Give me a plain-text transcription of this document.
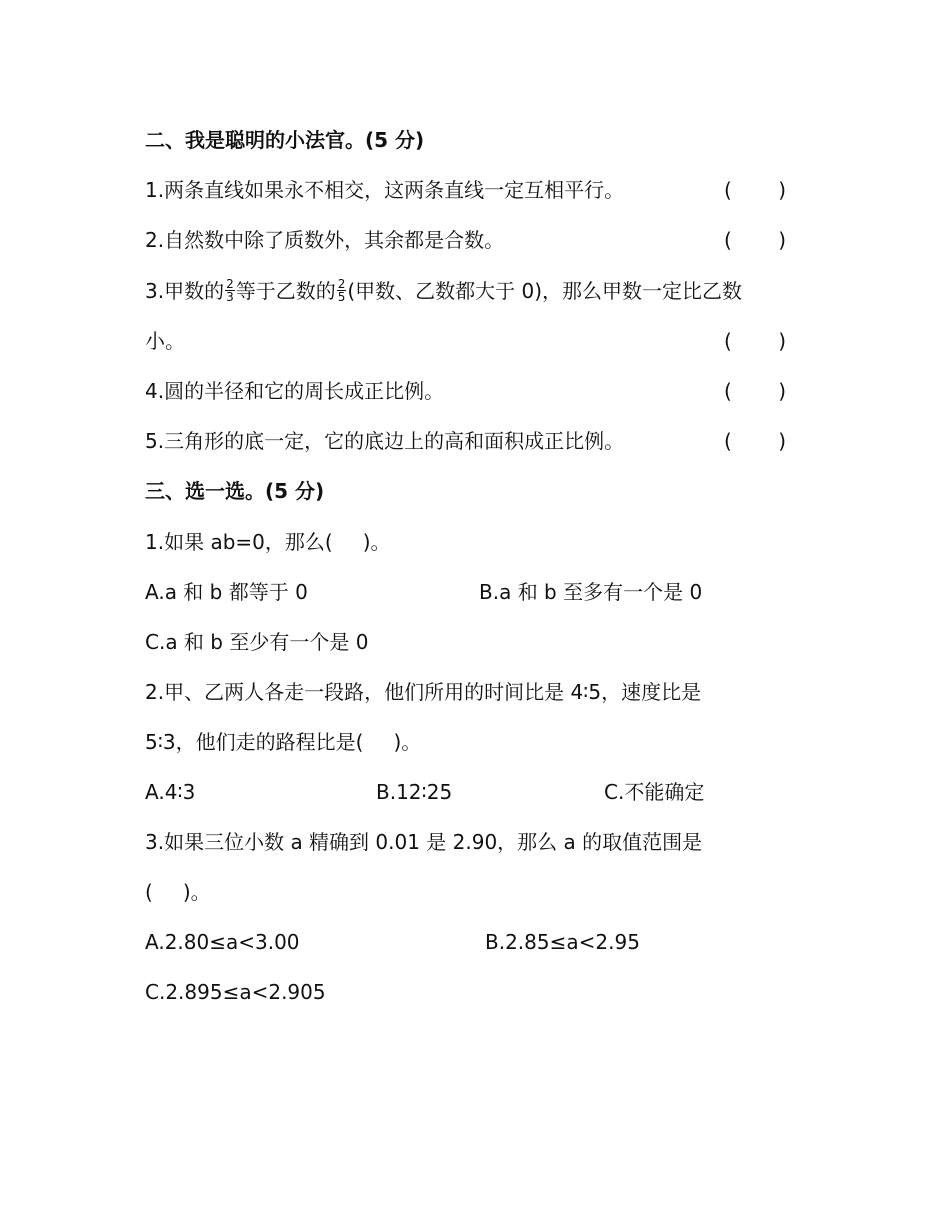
二、我是聪明的小法官。(5 分)
1.两条直线如果永不相交，这两条直线一定互相平行。	( )
2.自然数中除了质数外，其余都是合数。	( )
3.甲数的 $\frac{2}{3}$ 等于乙数的 $\frac{2}{5}$ (甲数、乙数都大于 0)，那么甲数一定比乙数
小。	( )
4.圆的半径和它的周长成正比例。	( )
5.三角形的底一定，它的底边上的高和面积成正比例。	( )
三、选一选。(5 分)
1.如果 ab=0，那么( )。
A.a 和 b 都等于 0	B.a 和 b 至多有一个是 0
C.a 和 b 至少有一个是 0
2.甲、乙两人各走一段路，他们所用的时间比是 4∶5，速度比是
5∶3，他们走的路程比是( )。
A.4∶3	B.12∶25	C.不能确定
3.如果三位小数 a 精确到 0.01 是 2.90，那么 a 的取值范围是
( )。
A.2.80≤a<3.00	B.2.85≤a<2.95
C.2.895≤a<2.905
